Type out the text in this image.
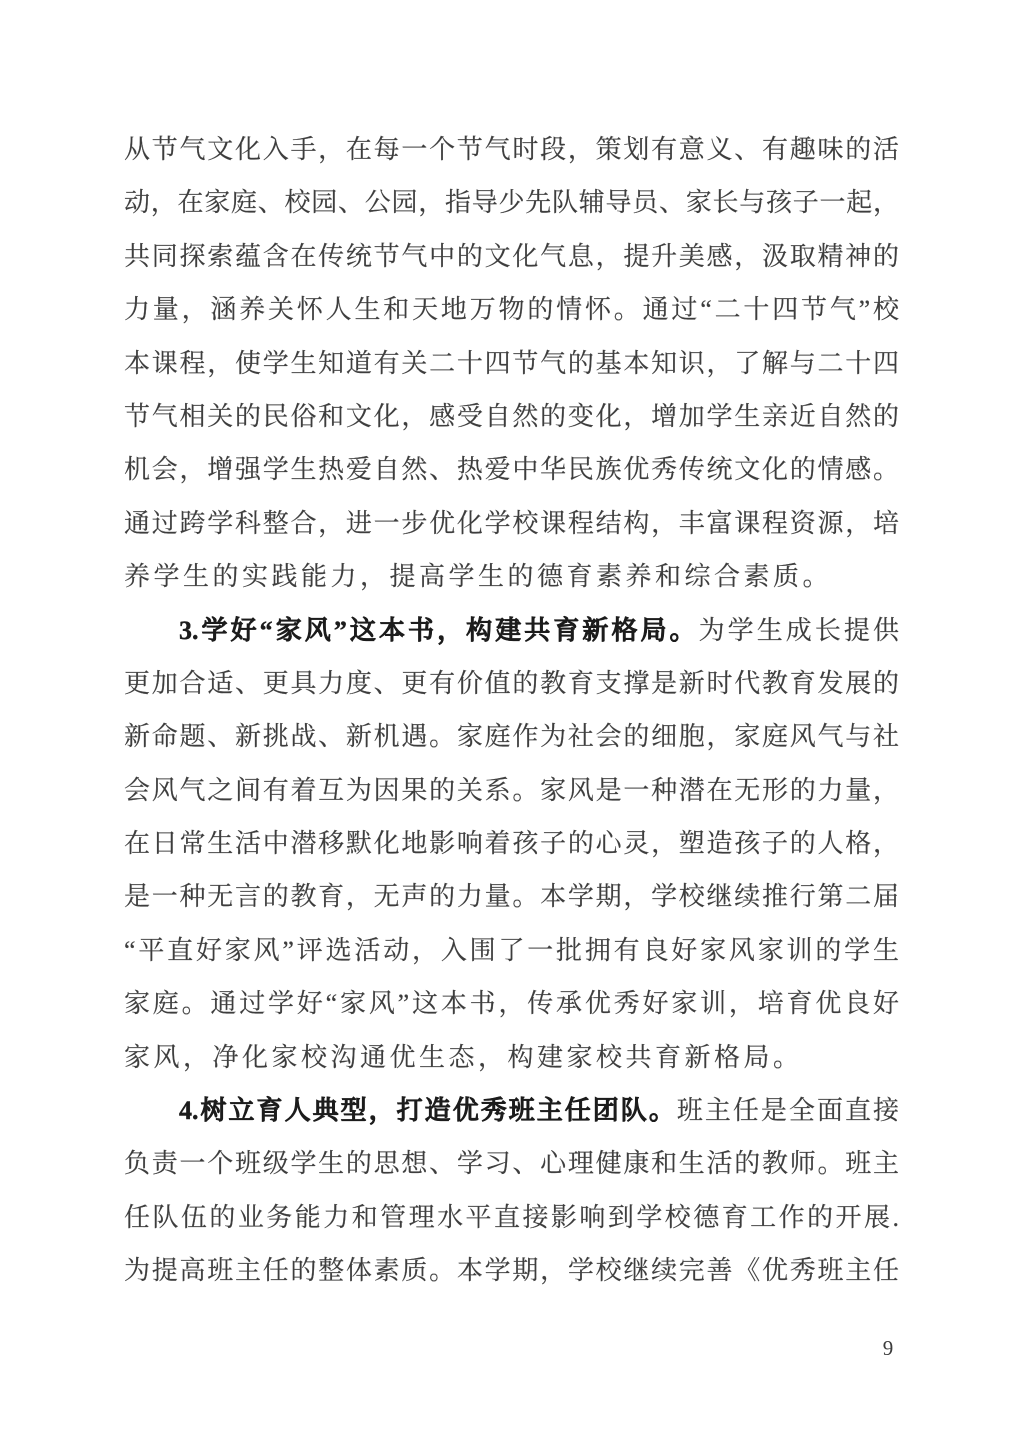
从节气文化入手，在每一个节气时段，策划有意义、有趣味的活
动，在家庭、校园、公园，指导少先队辅导员、家长与孩子一起，
共同探索蕴含在传统节气中的文化气息，提升美感，汲取精神的
力量，涵养关怀人生和天地万物的情怀。通过“二十四节气”校
本课程，使学生知道有关二十四节气的基本知识，了解与二十四
节气相关的民俗和文化，感受自然的变化，增加学生亲近自然的
机会，增强学生热爱自然、热爱中华民族优秀传统文化的情感。
通过跨学科整合，进一步优化学校课程结构，丰富课程资源，培
养学生的实践能力，提高学生的德育素养和综合素质。
3.学好“家风”这本书，构建共育新格局。为学生成长提供
更加合适、更具力度、更有价值的教育支撑是新时代教育发展的
新命题、新挑战、新机遇。家庭作为社会的细胞，家庭风气与社
会风气之间有着互为因果的关系。家风是一种潜在无形的力量，
在日常生活中潜移默化地影响着孩子的心灵，塑造孩子的人格，
是一种无言的教育，无声的力量。本学期，学校继续推行第二届
“平直好家风”评选活动，入围了一批拥有良好家风家训的学生
家庭。通过学好“家风”这本书，传承优秀好家训，培育优良好
家风，净化家校沟通优生态，构建家校共育新格局。
4.树立育人典型，打造优秀班主任团队。班主任是全面直接
负责一个班级学生的思想、学习、心理健康和生活的教师。班主
任队伍的业务能力和管理水平直接影响到学校德育工作的开展.
为提高班主任的整体素质。本学期，学校继续完善《优秀班主任
9
